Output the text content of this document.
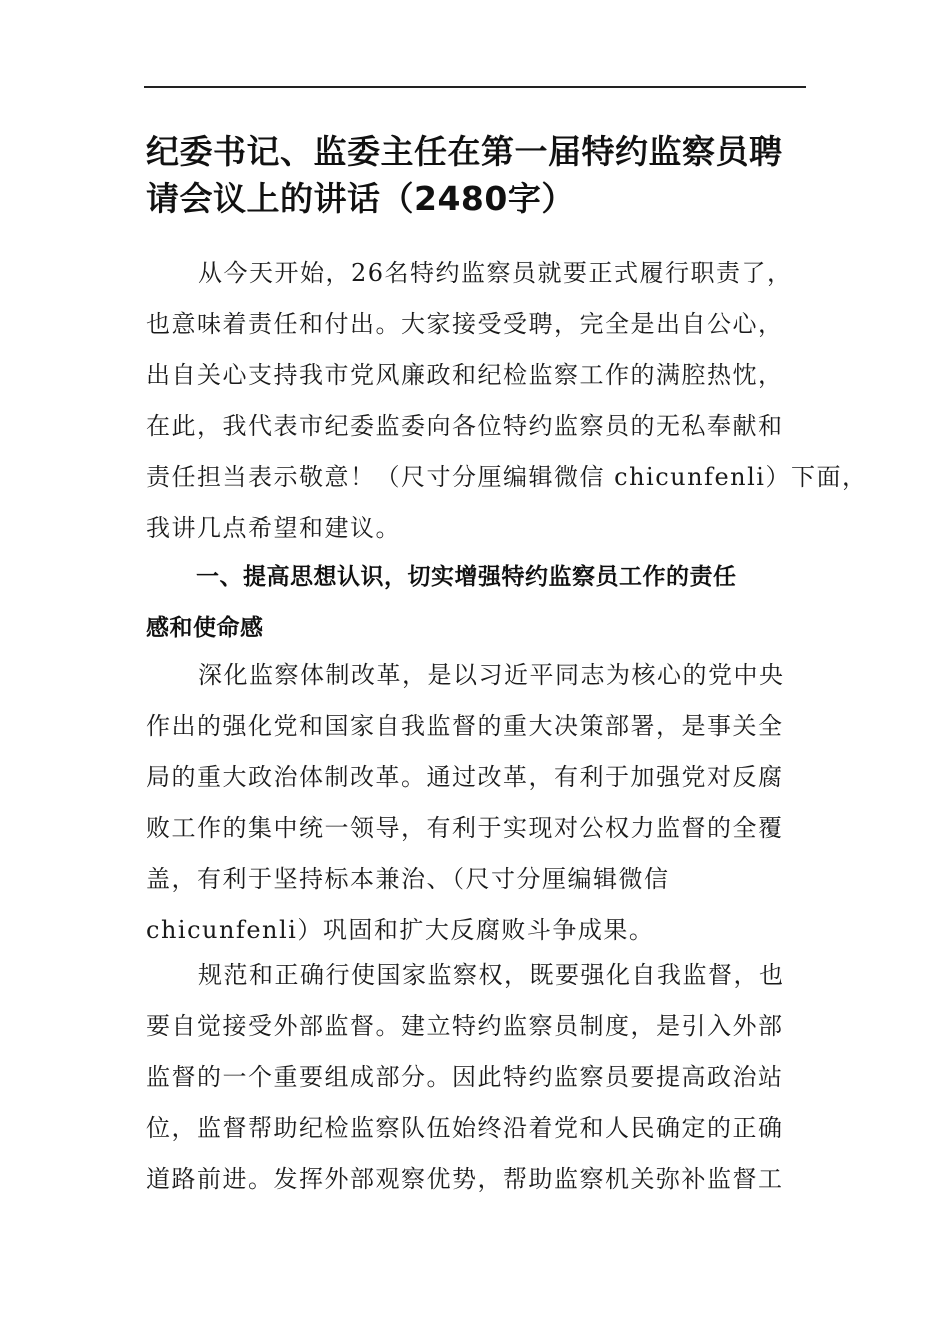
纪委书记、监委主任在第一届特约监察员聘
请会议上的讲话（2480字）

从今天开始，26名特约监察员就要正式履行职责了，
也意味着责任和付出。大家接受受聘，完全是出自公心，
出自关心支持我市党风廉政和纪检监察工作的满腔热忱，
在此，我代表市纪委监委向各位特约监察员的无私奉献和
责任担当表示敬意！（尺寸分厘编辑微信 chicunfenli）下面，
我讲几点希望和建议。

一、提高思想认识，切实增强特约监察员工作的责任
感和使命感

深化监察体制改革，是以习近平同志为核心的党中央
作出的强化党和国家自我监督的重大决策部署，是事关全
局的重大政治体制改革。通过改革，有利于加强党对反腐
败工作的集中统一领导，有利于实现对公权力监督的全覆
盖，有利于坚持标本兼治、（尺寸分厘编辑微信
chicunfenli）巩固和扩大反腐败斗争成果。

规范和正确行使国家监察权，既要强化自我监督，也
要自觉接受外部监督。建立特约监察员制度，是引入外部
监督的一个重要组成部分。因此特约监察员要提高政治站
位，监督帮助纪检监察队伍始终沿着党和人民确定的正确
道路前进。发挥外部观察优势，帮助监察机关弥补监督工
